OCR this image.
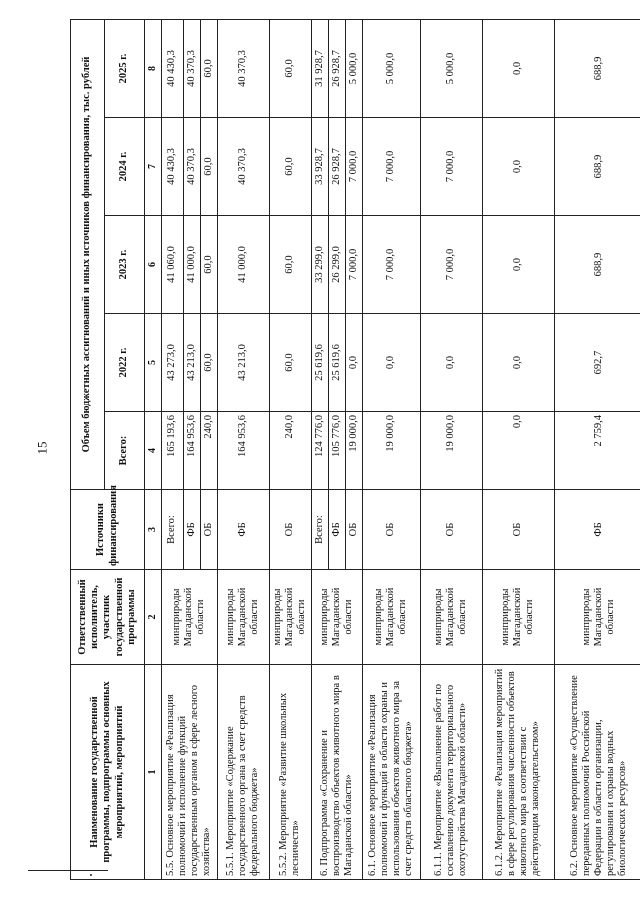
15
Наименование государственной программы, подпрограммы основных мероприятий, мероприятий	Ответственный исполнитель, участник государственной программы	Источники финансирования	Объем бюджетных ассигнований и иных источников финансирования, тыс. рублей				
			Всего:	2022 г.	2023 г.	2024 г.	2025 г.
1	2	3	4	5	6	7	8
5.5. Основное мероприятие «Реализация полномочий и исполнение функций государственным органом в сфере лесного хозяйства»	минприроды Магаданской области	Всего:	165 193,6	43 273,0	41 060,0	40 430,3	40 430,3
		ФБ	164 953,6	43 213,0	41 000,0	40 370,3	40 370,3
		ОБ	240,0	60,0	60,0	60,0	60,0
5.5.1. Мероприятие «Содержание государственного органа за счет средств федерального бюджета»	минприроды Магаданской области	ФБ	164 953,6	43 213,0	41 000,0	40 370,3	40 370,3
5.5.2. Мероприятие «Развитие школьных лесничеств»	минприроды Магаданской области	ОБ	240,0	60,0	60,0	60,0	60,0
6. Подпрограмма «Сохранение и воспроизводство объектов животного мира в Магаданской области»	минприроды Магаданской области	Всего:	124 776,0	25 619,6	33 299,0	33 928,7	31 928,7
		ФБ	105 776,0	25 619,6	26 299,0	26 928,7	26 928,7
		ОБ	19 000,0	0,0	7 000,0	7 000,0	5 000,0
6.1. Основное мероприятие «Реализация полномочий и функций в области охраны и использования объектов животного мира за счет средств областного бюджета»	минприроды Магаданской области	ОБ	19 000,0	0,0	7 000,0	7 000,0	5 000,0
6.1.1. Мероприятие «Выполнение работ по составлению документа территориального охотустройства Магаданской области»	минприроды Магаданской области	ОБ	19 000,0	0,0	7 000,0	7 000,0	5 000,0
6.1.2. Мероприятие «Реализация мероприятий в сфере регулирования численности объектов животного мира в соответствии с действующим законодательством»	минприроды Магаданской области	ОБ	0,0	0,0	0,0	0,0	0,0
6.2. Основное мероприятие «Осуществление переданных полномочий Российской Федерации в области организации, регулирования и охраны водных биологических ресурсов»	минприроды Магаданской области	ФБ	2 759,4	692,7	688,9	688,9	688,9
